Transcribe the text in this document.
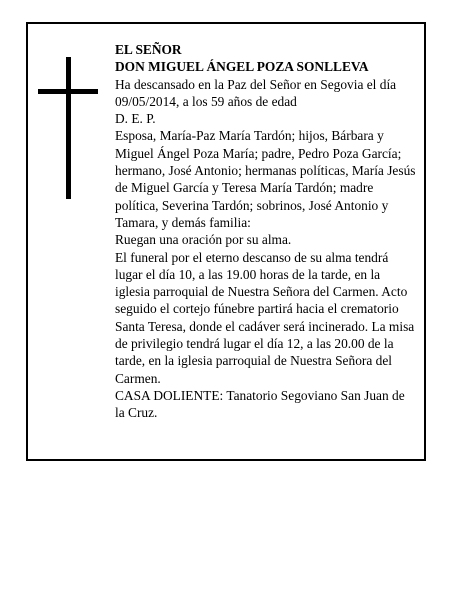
EL SEÑOR
DON MIGUEL ÁNGEL POZA SONLLEVA
Ha descansado en la Paz del Señor en Segovia el día
09/05/2014, a los 59 años de edad
D. E. P.
Esposa, María-Paz María Tardón; hijos, Bárbara y
Miguel Ángel Poza María; padre, Pedro Poza García;
hermano, José Antonio; hermanas políticas, María Jesús
de Miguel García y Teresa María Tardón; madre
política, Severina Tardón; sobrinos, José Antonio y
Tamara, y demás familia:
Ruegan una oración por su alma.
El funeral por el eterno descanso de su alma tendrá
lugar el día 10, a las 19.00 horas de la tarde, en la
iglesia parroquial de Nuestra Señora del Carmen. Acto
seguido el cortejo fúnebre partirá hacia el crematorio
Santa Teresa, donde el cadáver será incinerado. La misa
de privilegio tendrá lugar el día 12, a las 20.00 de la
tarde, en la iglesia parroquial de Nuestra Señora del
Carmen.
CASA DOLIENTE: Tanatorio Segoviano San Juan de
la Cruz.
